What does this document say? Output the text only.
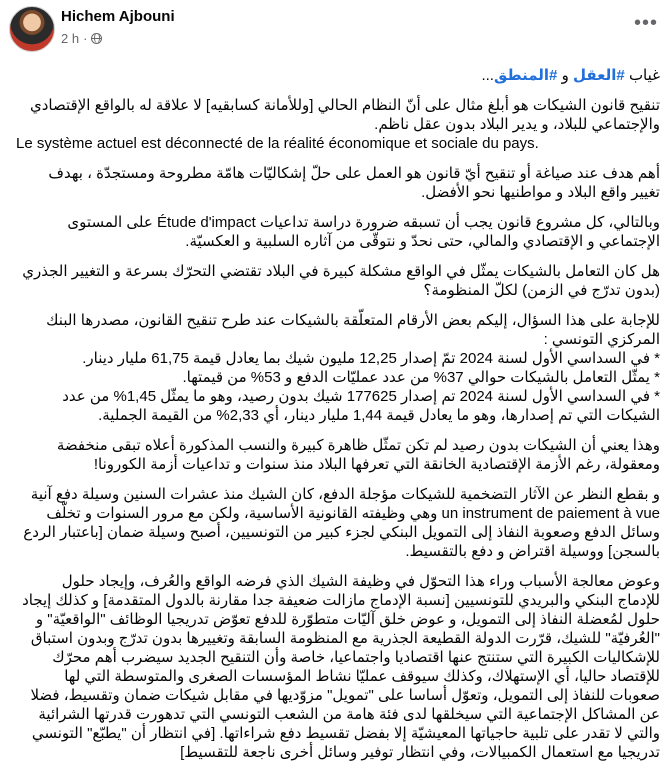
Hichem Ajbouni
2 h ·
•••

غياب #العقل و #المنطق...

تنقيح قانون الشيكات هو أبلغ مثال على أنّ النظام الحالي [وللأمانة كسابقيه] لا علاقة له بالواقع الإقتصادي والإجتماعي للبلاد، و يدير البلاد بدون عقل ناظم.

Le système actuel est déconnecté de la réalité économique et sociale du pays.

أهم هدف عند صياغة أو تنقيح أيّ قانون هو العمل على حلّ إشكاليّات هامّة مطروحة ومستجدّة ، بهدف تغيير واقع البلاد و مواطنيها نحو الأفضل.

وبالتالي، كل مشروع قانون يجب أن تسبقه ضرورة دراسة تداعيات Étude d'impact على المستوى الإجتماعي و الإقتصادي والمالي، حتى نحدّ و نتوقّى من آثاره السلبية و العكسيّة.

هل كان التعامل بالشيكات يمثّل في الواقع مشكلة كبيرة في البلاد تقتضي التحرّك بسرعة و التغيير الجذري (بدون تدرّج في الزمن) لكلّ المنظومة؟

للإجابة على هذا السؤال، إليكم بعض الأرقام المتعلّقة بالشيكات عند طرح تنقيح القانون، مصدرها البنك المركزي التونسي :
* في السداسي الأول لسنة 2024 تمّ إصدار 12,25 مليون شيك بما يعادل قيمة 61,75 مليار دينار.
* يمثّل التعامل بالشيكات حوالي 37% من عدد عمليّات الدفع و 53% من قيمتها.
* في السداسي الأول لسنة 2024 تم إصدار 177625 شيك بدون رصيد، وهو ما يمثّل 1,45% من عدد الشيكات التي تم إصدارها، وهو ما يعادل قيمة 1,44 مليار دينار، أي 2,33% من القيمة الجملية.

وهذا يعني أن الشيكات بدون رصيد لم تكن تمثّل ظاهرة كبيرة والنسب المذكورة أعلاه تبقى منخفضة ومعقولة، رغم الأزمة الإقتصادية الخانقة التي تعرفها البلاد منذ سنوات و تداعيات أزمة الكورونا!

و بقطع النظر عن الآثار التضخمية للشيكات مؤجلة الدفع، كان الشيك منذ عشرات السنين وسيلة دفع آنية un instrument de paiement à vue وهي وظيفته القانونية الأساسية، ولكن مع مرور السنوات و تخلّف وسائل الدفع وصعوبة النفاذ إلى التمويل البنكي لجزء كبير من التونسيين، أصبح وسيلة ضمان [باعتبار الردع بالسجن] ووسيلة اقتراض و دفع بالتقسيط.

وعوض معالجة الأسباب وراء هذا التحوّل في وظيفة الشيك الذي فرضه الواقع والعُرف، وإيجاد حلول للإدماج البنكي والبريدي للتونسيين [نسبة الإدماج مازالت ضعيفة جدا مقارنة بالدول المتقدمة] و كذلك إيجاد حلول لمُعضلة النفاذ إلى التمويل، و عوض خلق آليّات متطوّرة للدفع تعوّض تدريجيا الوظائف "الواقعيّة" و "العُرفيّة" للشيك، قرّرت الدولة القطيعة الجذرية مع المنظومة السابقة وتغييرها بدون تدرّج وبدون استباق للإشكاليات الكبيرة التي ستنتج عنها اقتصاديا واجتماعيا، خاصة وأن التنقيح الجديد سيضرب أهم محرّك للإقتصاد حاليا، أي الإستهلاك، وكذلك سيوقف عمليّا نشاط المؤسسات الصغرى والمتوسطة التي لها صعوبات للنفاذ إلى التمويل، وتعوّل أساسا على "تمويل" مزوّديها في مقابل شيكات ضمان وتقسيط، فضلا عن المشاكل الإجتماعية التي سيخلقها لدى فئة هامة من الشعب التونسي التي تدهورت قدرتها الشرائية والتي لا تقدر على تلبية حاجياتها المعيشيّة إلا بفضل تقسيط دفع شراءاتها. [في انتظار أن "يطبّع" التونسي تدريجيا مع استعمال الكمبيالات، وفي انتظار توفير وسائل أخرى ناجعة للتقسيط]
